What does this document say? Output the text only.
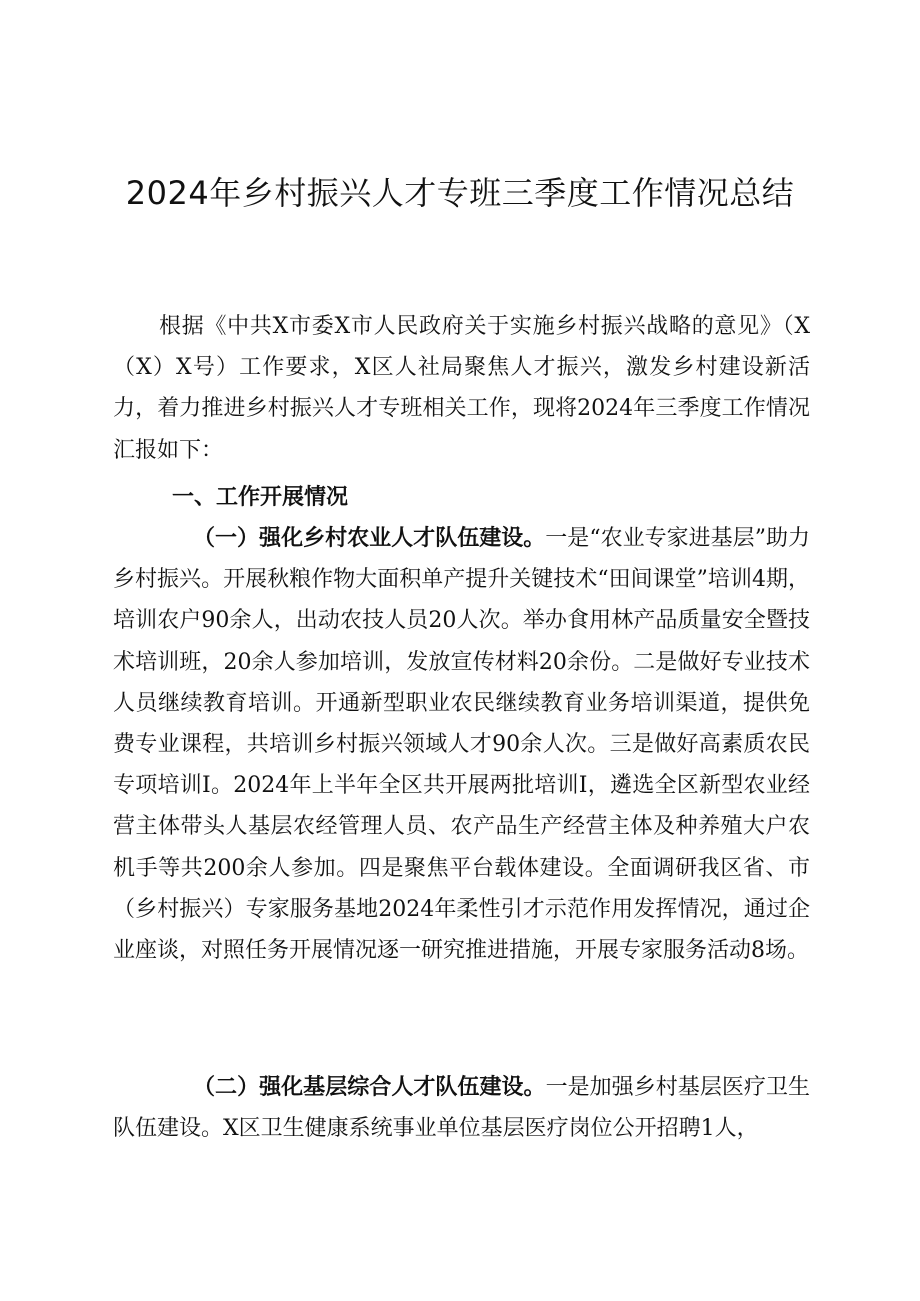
2024年乡村振兴人才专班三季度工作情况总结

根据《中共X市委X市人民政府关于实施乡村振兴战略的意见》（X（X）X号）工作要求，X区人社局聚焦人才振兴，激发乡村建设新活力，着力推进乡村振兴人才专班相关工作，现将2024年三季度工作情况汇报如下：

一、工作开展情况

（一）强化乡村农业人才队伍建设。一是“农业专家进基层”助力乡村振兴。开展秋粮作物大面积单产提升关键技术“田间课堂”培训4期，培训农户90余人，出动农技人员20人次。举办食用林产品质量安全暨技术培训班，20余人参加培训，发放宣传材料20余份。二是做好专业技术人员继续教育培训。开通新型职业农民继续教育业务培训渠道，提供免费专业课程，共培训乡村振兴领域人才90余人次。三是做好高素质农民专项培训I。2024年上半年全区共开展两批培训I，遴选全区新型农业经营主体带头人基层农经管理人员、农产品生产经营主体及种养殖大户农机手等共200余人参加。四是聚焦平台载体建设。全面调研我区省、市（乡村振兴）专家服务基地2024年柔性引才示范作用发挥情况，通过企业座谈，对照任务开展情况逐一研究推进措施，开展专家服务活动8场。

（二）强化基层综合人才队伍建设。一是加强乡村基层医疗卫生队伍建设。X区卫生健康系统事业单位基层医疗岗位公开招聘1人，
